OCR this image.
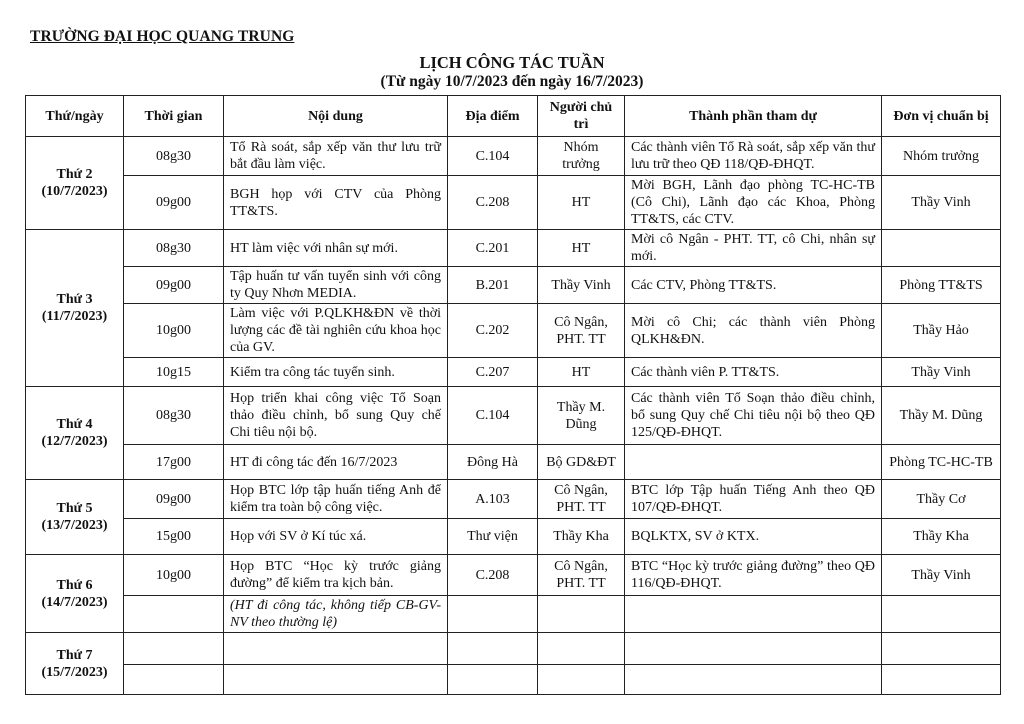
TRƯỜNG ĐẠI HỌC QUANG TRUNG
LỊCH CÔNG TÁC TUẦN
(Từ ngày 10/7/2023 đến ngày 16/7/2023)
Thứ/ngày	Thời gian	Nội dung	Địa điểm	Người chủ trì	Thành phần tham dự	Đơn vị chuẩn bị

Thứ 2
(10/7/2023)	08g30	Tổ Rà soát, sắp xếp văn thư lưu trữ bắt đầu làm việc.	C.104	Nhóm trưởng	Các thành viên Tổ Rà soát, sắp xếp văn thư lưu trữ theo QĐ 118/QĐ-ĐHQT.	Nhóm trưởng
	09g00	BGH họp với CTV của Phòng TT&TS.	C.208	HT	Mời BGH, Lãnh đạo phòng TC-HC-TB (Cô Chi), Lãnh đạo các Khoa, Phòng TT&TS, các CTV.	Thầy Vinh

Thứ 3
(11/7/2023)	08g30	HT làm việc với nhân sự mới.	C.201	HT	Mời cô Ngân - PHT. TT, cô Chi, nhân sự mới.	
	09g00	Tập huấn tư vấn tuyển sinh với công ty Quy Nhơn MEDIA.	B.201	Thầy Vinh	Các CTV, Phòng TT&TS.	Phòng TT&TS
	10g00	Làm việc với P.QLKH&ĐN về thời lượng các đề tài nghiên cứu khoa học của GV.	C.202	Cô Ngân, PHT. TT	Mời cô Chi; các thành viên Phòng QLKH&ĐN.	Thầy Hảo
	10g15	Kiểm tra công tác tuyển sinh.	C.207	HT	Các thành viên P. TT&TS.	Thầy Vinh

Thứ 4
(12/7/2023)	08g30	Họp triển khai công việc Tổ Soạn thảo điều chỉnh, bổ sung Quy chế Chi tiêu nội bộ.	C.104	Thầy M. Dũng	Các thành viên Tổ Soạn thảo điều chỉnh, bổ sung Quy chế Chi tiêu nội bộ theo QĐ 125/QĐ-ĐHQT.	Thầy M. Dũng
	17g00	HT đi công tác đến 16/7/2023	Đông Hà	Bộ GD&ĐT		Phòng TC-HC-TB

Thứ 5
(13/7/2023)	09g00	Họp BTC lớp tập huấn tiếng Anh để kiểm tra toàn bộ công việc.	A.103	Cô Ngân, PHT. TT	BTC lớp Tập huấn Tiếng Anh theo QĐ 107/QĐ-ĐHQT.	Thầy Cơ
	15g00	Họp với SV ở Kí túc xá.	Thư viện	Thầy Kha	BQLKTX, SV ở KTX.	Thầy Kha

Thứ 6
(14/7/2023)	10g00	Họp BTC “Học kỳ trước giảng đường” để kiểm tra kịch bản.	C.208	Cô Ngân, PHT. TT	BTC “Học kỳ trước giảng đường” theo QĐ 116/QĐ-ĐHQT.	Thầy Vinh
		(HT đi công tác, không tiếp CB-GV-NV theo thường lệ)				

Thứ 7
(15/7/2023)						
